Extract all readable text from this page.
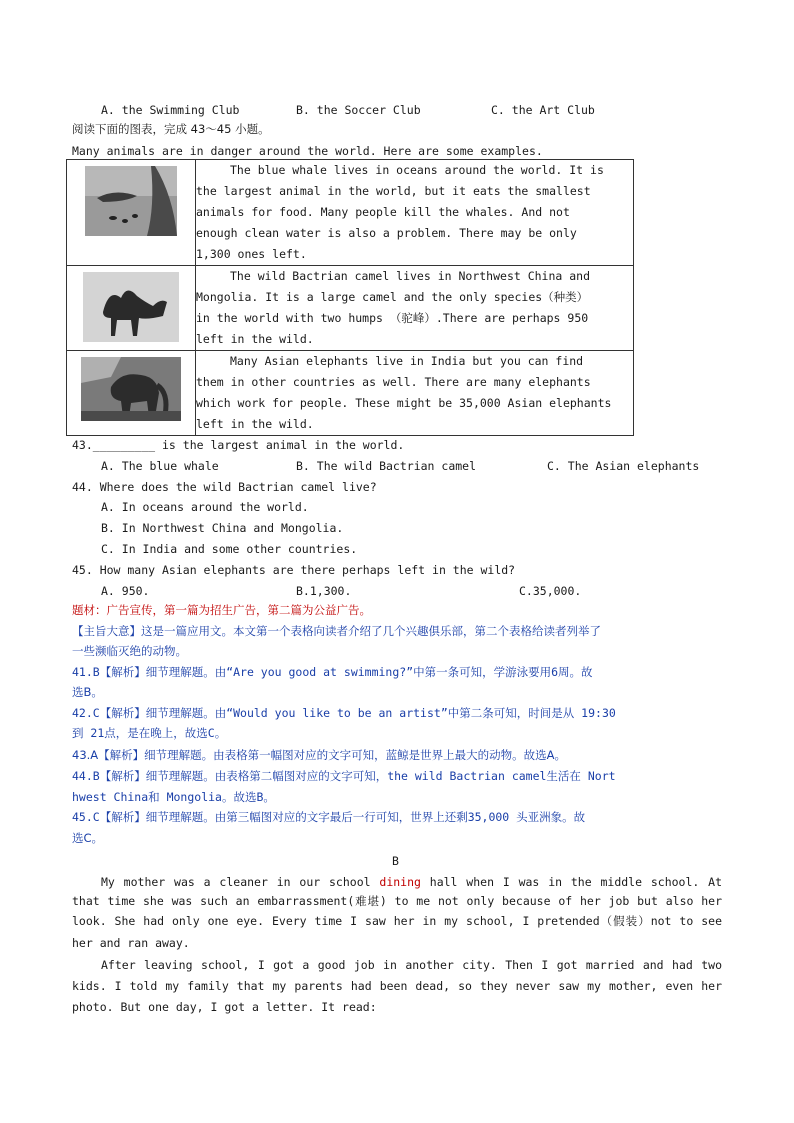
A. the Swimming Club	B. the Soccer Club	C. the Art Club
阅读下面的图表，完成 43～45 小题。
Many animals are in danger around the world. Here are some examples.

The blue whale lives in oceans around the world. It is
the largest animal in the world, but it eats the smallest
animals for food. Many people kill the whales. And not
enough clean water is also a problem. There may be only
1,300 ones left.

The wild Bactrian camel lives in Northwest China and
Mongolia. It is a large camel and the only species（种类）
in the world with two humps （驼峰）.There are perhaps 950
left in the wild.

Many Asian elephants live in India but you can find
them in other countries as well. There are many elephants
which work for people. These might be 35,000 Asian elephants
left in the wild.
43._________ is the largest animal in the world.
A. The blue whale	B. The wild Bactrian camel	C. The Asian elephants
44. Where does the wild Bactrian camel live?
A. In oceans around the world.
B. In Northwest China and Mongolia.
C. In India and some other countries.
45. How many Asian elephants are there perhaps left in the wild?
A. 950.	B.1,300.	C.35,000.
题材：广告宣传，第一篇为招生广告，第二篇为公益广告。
【主旨大意】这是一篇应用文。本文第一个表格向读者介绍了几个兴趣俱乐部，第二个表格给读者列举了
一些濒临灭绝的动物。
41.B【解析】细节理解题。由“Are you good at swimming?”中第一条可知，学游泳要用6周。故
选B。
42.C【解析】细节理解题。由“Would you like to be an artist”中第二条可知，时间是从 19:30
到 21点，是在晚上，故选C。
43.A【解析】细节理解题。由表格第一幅图对应的文字可知，蓝鲸是世界上最大的动物。故选A。
44.B【解析】细节理解题。由表格第二幅图对应的文字可知，the wild Bactrian camel生活在 Nort
hwest China和 Mongolia。故选B。
45.C【解析】细节理解题。由第三幅图对应的文字最后一行可知，世界上还剩35,000 头亚洲象。故
选C。
B
My mother was a cleaner in our school dining hall when I was in the middle school. At
that time she was such an embarrassment(难堪) to me not only because of her job but also her
look. She had only one eye. Every time I saw her in my school, I pretended（假装）not to see
her and ran away.
After leaving school, I got a good job in another city. Then I got married and had two
kids. I told my family that my parents had been dead, so they never saw my mother, even her
photo. But one day, I got a letter. It read:
